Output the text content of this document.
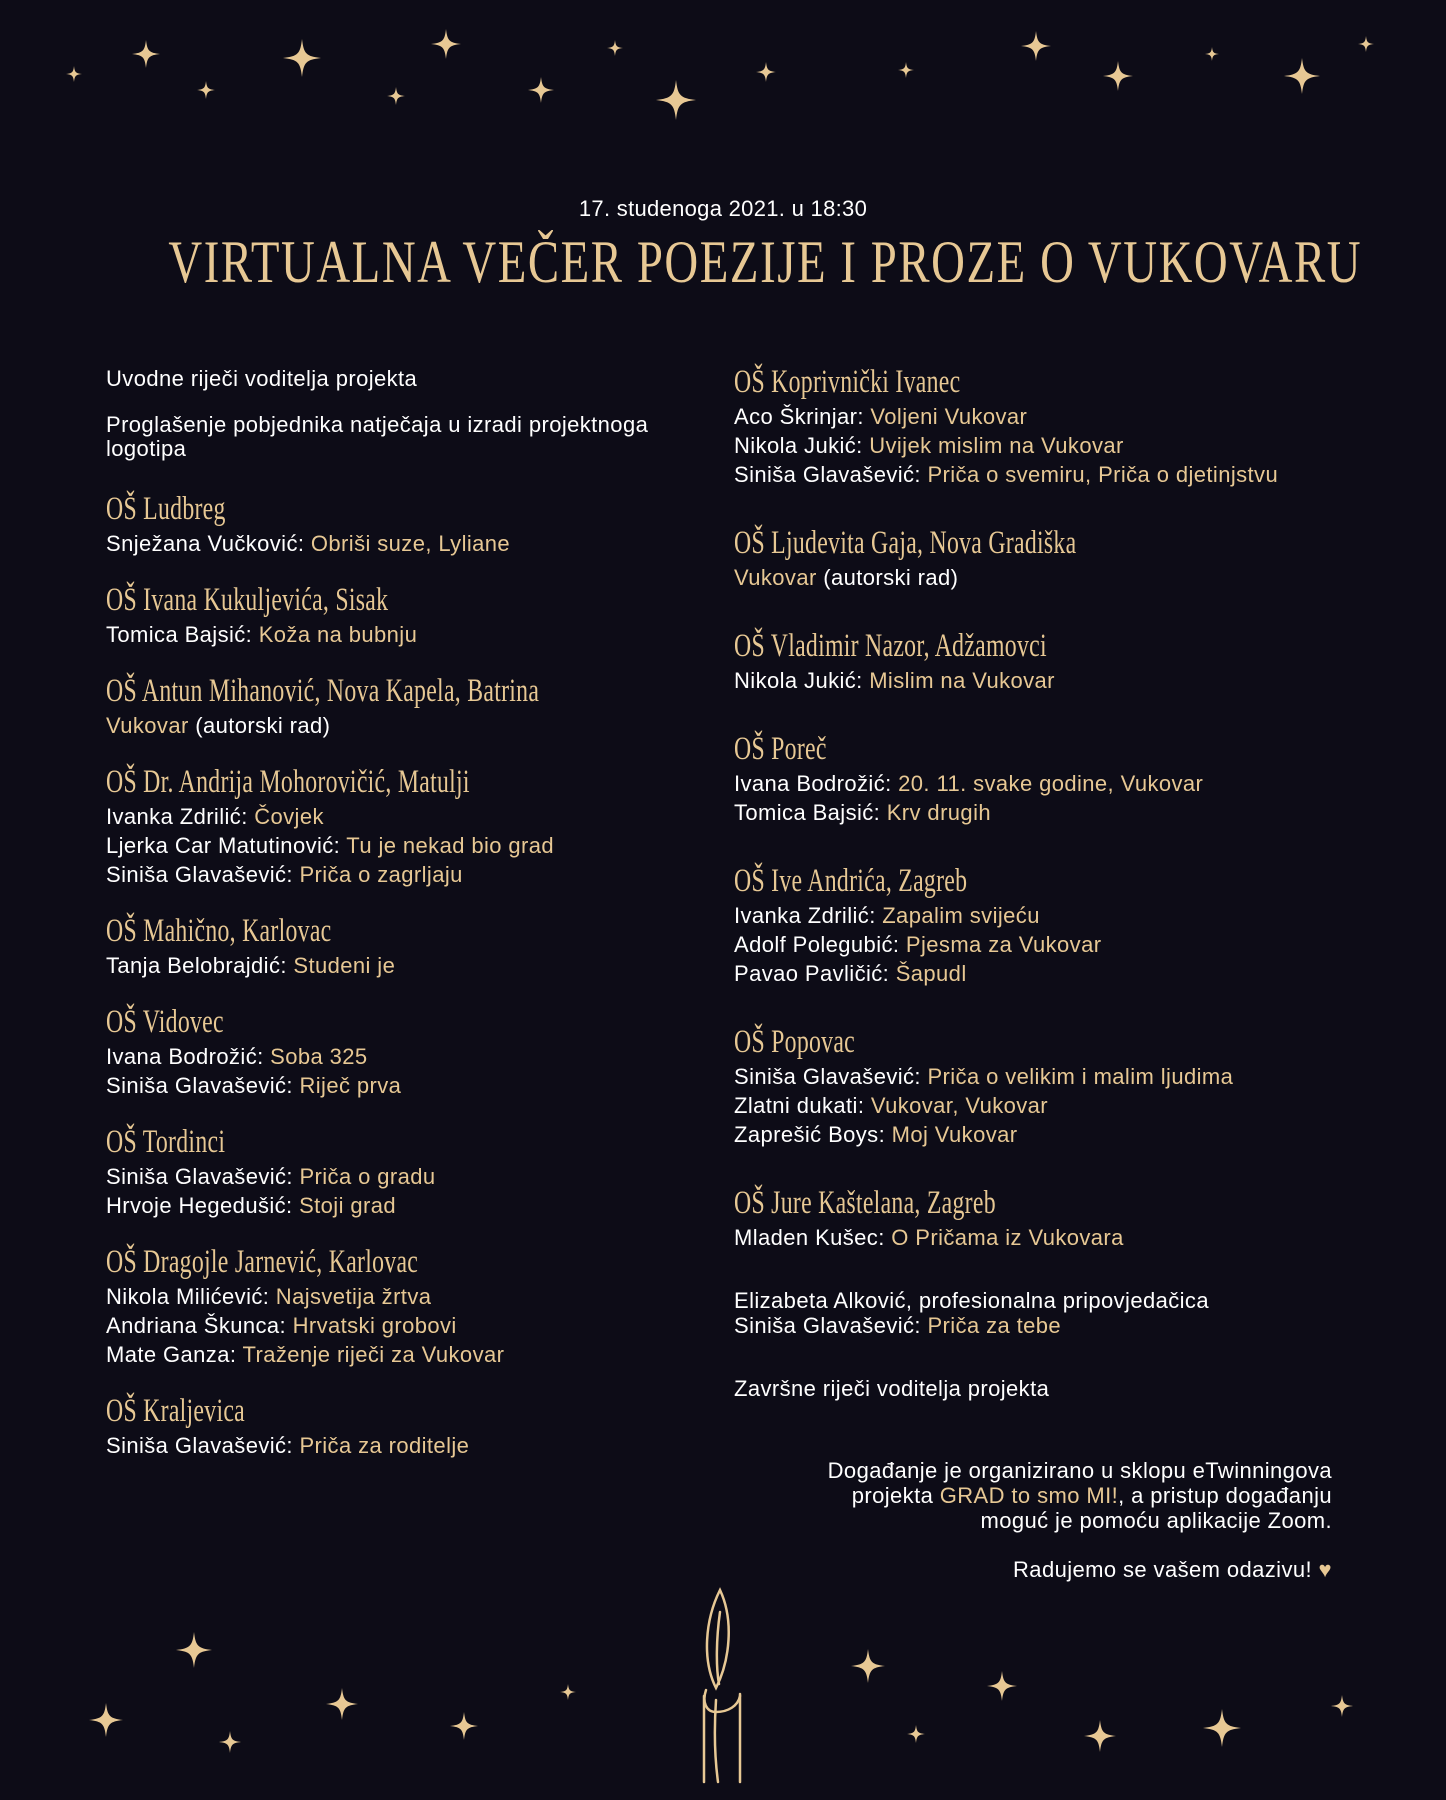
17. studenoga 2021. u 18:30
VIRTUALNA VEČER POEZIJE I PROZE O VUKOVARU
Uvodne riječi voditelja projekta
Proglašenje pobjednika natječaja u izradi projektnoga logotipa
OŠ Ludbreg
Snježana Vučković: Obriši suze, Lyliane
OŠ Ivana Kukuljevića, Sisak
Tomica Bajsić: Koža na bubnju
OŠ Antun Mihanović, Nova Kapela, Batrina
Vukovar (autorski rad)
OŠ Dr. Andrija Mohorovičić, Matulji
Ivanka Zdrilić: Čovjek
Ljerka Car Matutinović: Tu je nekad bio grad
Siniša Glavašević: Priča o zagrljaju
OŠ Mahično, Karlovac
Tanja Belobrajdić: Studeni je
OŠ Vidovec
Ivana Bodrožić: Soba 325
Siniša Glavašević: Riječ prva
OŠ Tordinci
Siniša Glavašević: Priča o gradu
Hrvoje Hegedušić: Stoji grad
OŠ Dragojle Jarnević, Karlovac
Nikola Milićević: Najsvetija žrtva
Andriana Škunca: Hrvatski grobovi
Mate Ganza: Traženje riječi za Vukovar
OŠ Kraljevica
Siniša Glavašević: Priča za roditelje
OŠ Koprivnički Ivanec
Aco Škrinjar: Voljeni Vukovar
Nikola Jukić: Uvijek mislim na Vukovar
Siniša Glavašević: Priča o svemiru, Priča o djetinjstvu
OŠ Ljudevita Gaja, Nova Gradiška
Vukovar (autorski rad)
OŠ Vladimir Nazor, Adžamovci
Nikola Jukić: Mislim na Vukovar
OŠ Poreč
Ivana Bodrožić: 20. 11. svake godine, Vukovar
Tomica Bajsić: Krv drugih
OŠ Ive Andrića, Zagreb
Ivanka Zdrilić: Zapalim svijeću
Adolf Polegubić: Pjesma za Vukovar
Pavao Pavličić: Šapudl
OŠ Popovac
Siniša Glavašević: Priča o velikim i malim ljudima
Zlatni dukati: Vukovar, Vukovar
Zaprešić Boys: Moj Vukovar
OŠ Jure Kaštelana, Zagreb
Mladen Kušec: O Pričama iz Vukovara
Elizabeta Alković, profesionalna pripovjedačica
Siniša Glavašević: Priča za tebe
Završne riječi voditelja projekta
Događanje je organizirano u sklopu eTwinningova
projekta GRAD to smo MI!, a pristup događanju
moguć je pomoću aplikacije Zoom.
Radujemo se vašem odazivu! ♥
